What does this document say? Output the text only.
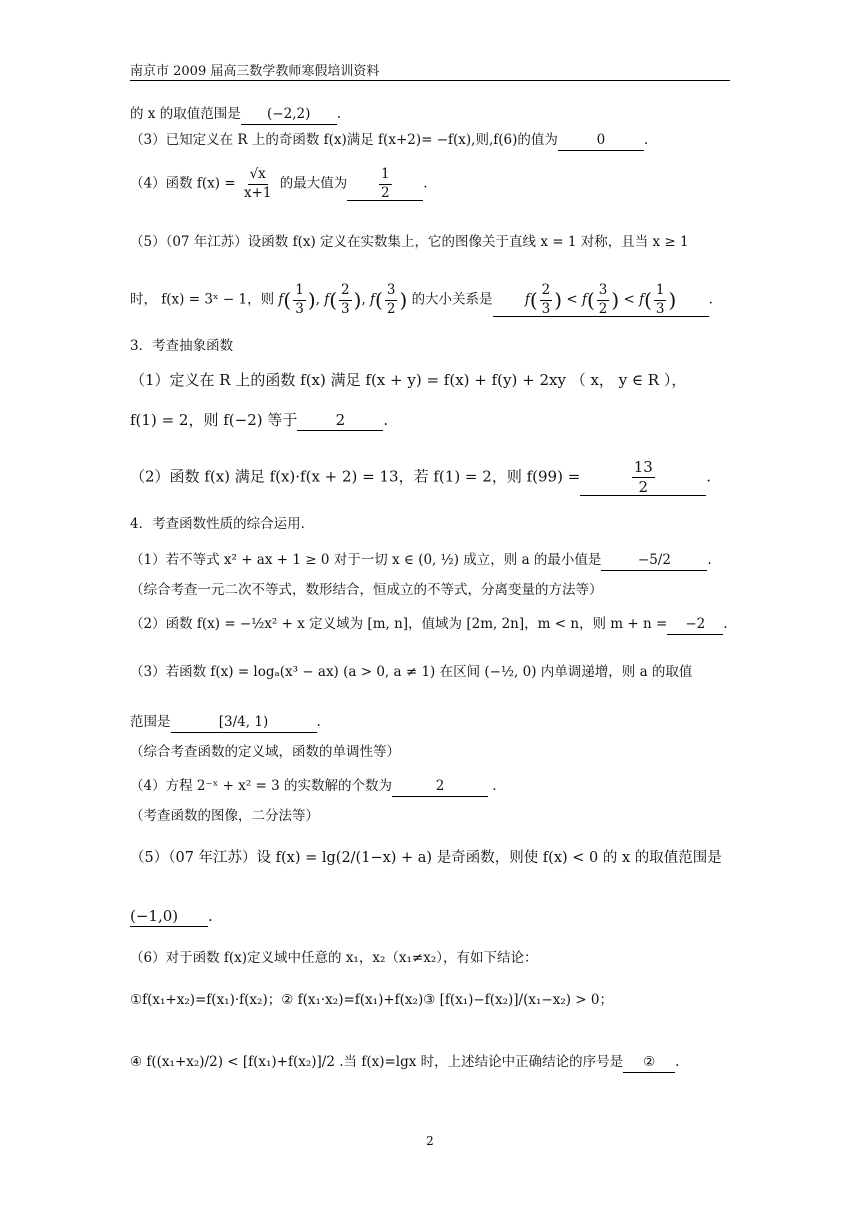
南京市 2009 届高三数学教师寒假培训资料
的 x 的取值范围是 (−2,2) .
（3）已知定义在 R 上的奇函数 f(x)满足 f(x+2)= −f(x),则,f(6)的值为	0	.
（4）函数 $f(x) = \frac{√x}{x+1}$ 的最大值为 $\frac{1}{2}$ .
（5）（07 年江苏）设函数 f(x) 定义在实数集上，它的图像关于直线 x = 1 对称，且当 x ≥ 1
时， f(x) = 3ˣ − 1，则 $f( \frac{1}{3}$ ), $f( \frac{2}{3}$ ), $f( \frac{3}{2}$ ) 的大小关系是 $f( \frac{2}{3}$ ) < $f( \frac{3}{2}$ ) < $f( \frac{1}{3}$ ) .
3．考查抽象函数
（1）定义在 R 上的函数 f(x) 满足 f(x + y) = f(x) + f(y) + 2xy （ x， y ∈ R ），
f(1) = 2，则 f(−2) 等于	2	.
（2）函数 f(x) 满足 f(x)·f(x + 2) = 13，若 f(1) = 2，则 f(99) =	$\frac{13}{2}$	.
4．考查函数性质的综合运用．
（1）若不等式 x² + ax + 1 ≥ 0 对于一切 x ∈ (0, ½) 成立，则 a 的最小值是	−5/2	.
（综合考查一元二次不等式，数形结合，恒成立的不等式，分离变量的方法等）
（2）函数 f(x) = −½x² + x 定义域为 [m, n]，值域为 [2m, 2n]，m < n，则 m + n = −2 .
（3）若函数 f(x) = logₐ(x³ − ax) (a > 0, a ≠ 1) 在区间 (−½, 0) 内单调递增，则 a 的取值
范围是	[3/4, 1)	.
（综合考查函数的定义域，函数的单调性等）
（4）方程 2⁻ˣ + x² = 3 的实数解的个数为	2	.
（考查函数的图像，二分法等）
（5）（07 年江苏）设 f(x) = lg(2/(1−x) + a) 是奇函数，则使 f(x) < 0 的 x 的取值范围是
(−1,0) .
（6）对于函数 f(x)定义域中任意的 x₁，x₂（x₁≠x₂），有如下结论：
①f(x₁+x₂)=f(x₁)·f(x₂)；② f(x₁·x₂)=f(x₁)+f(x₂)③ [f(x₁)−f(x₂)]/(x₁−x₂) > 0；
④ f((x₁+x₂)/2) < [f(x₁)+f(x₂)]/2 .当 f(x)=lgx 时，上述结论中正确结论的序号是 ② .
2
